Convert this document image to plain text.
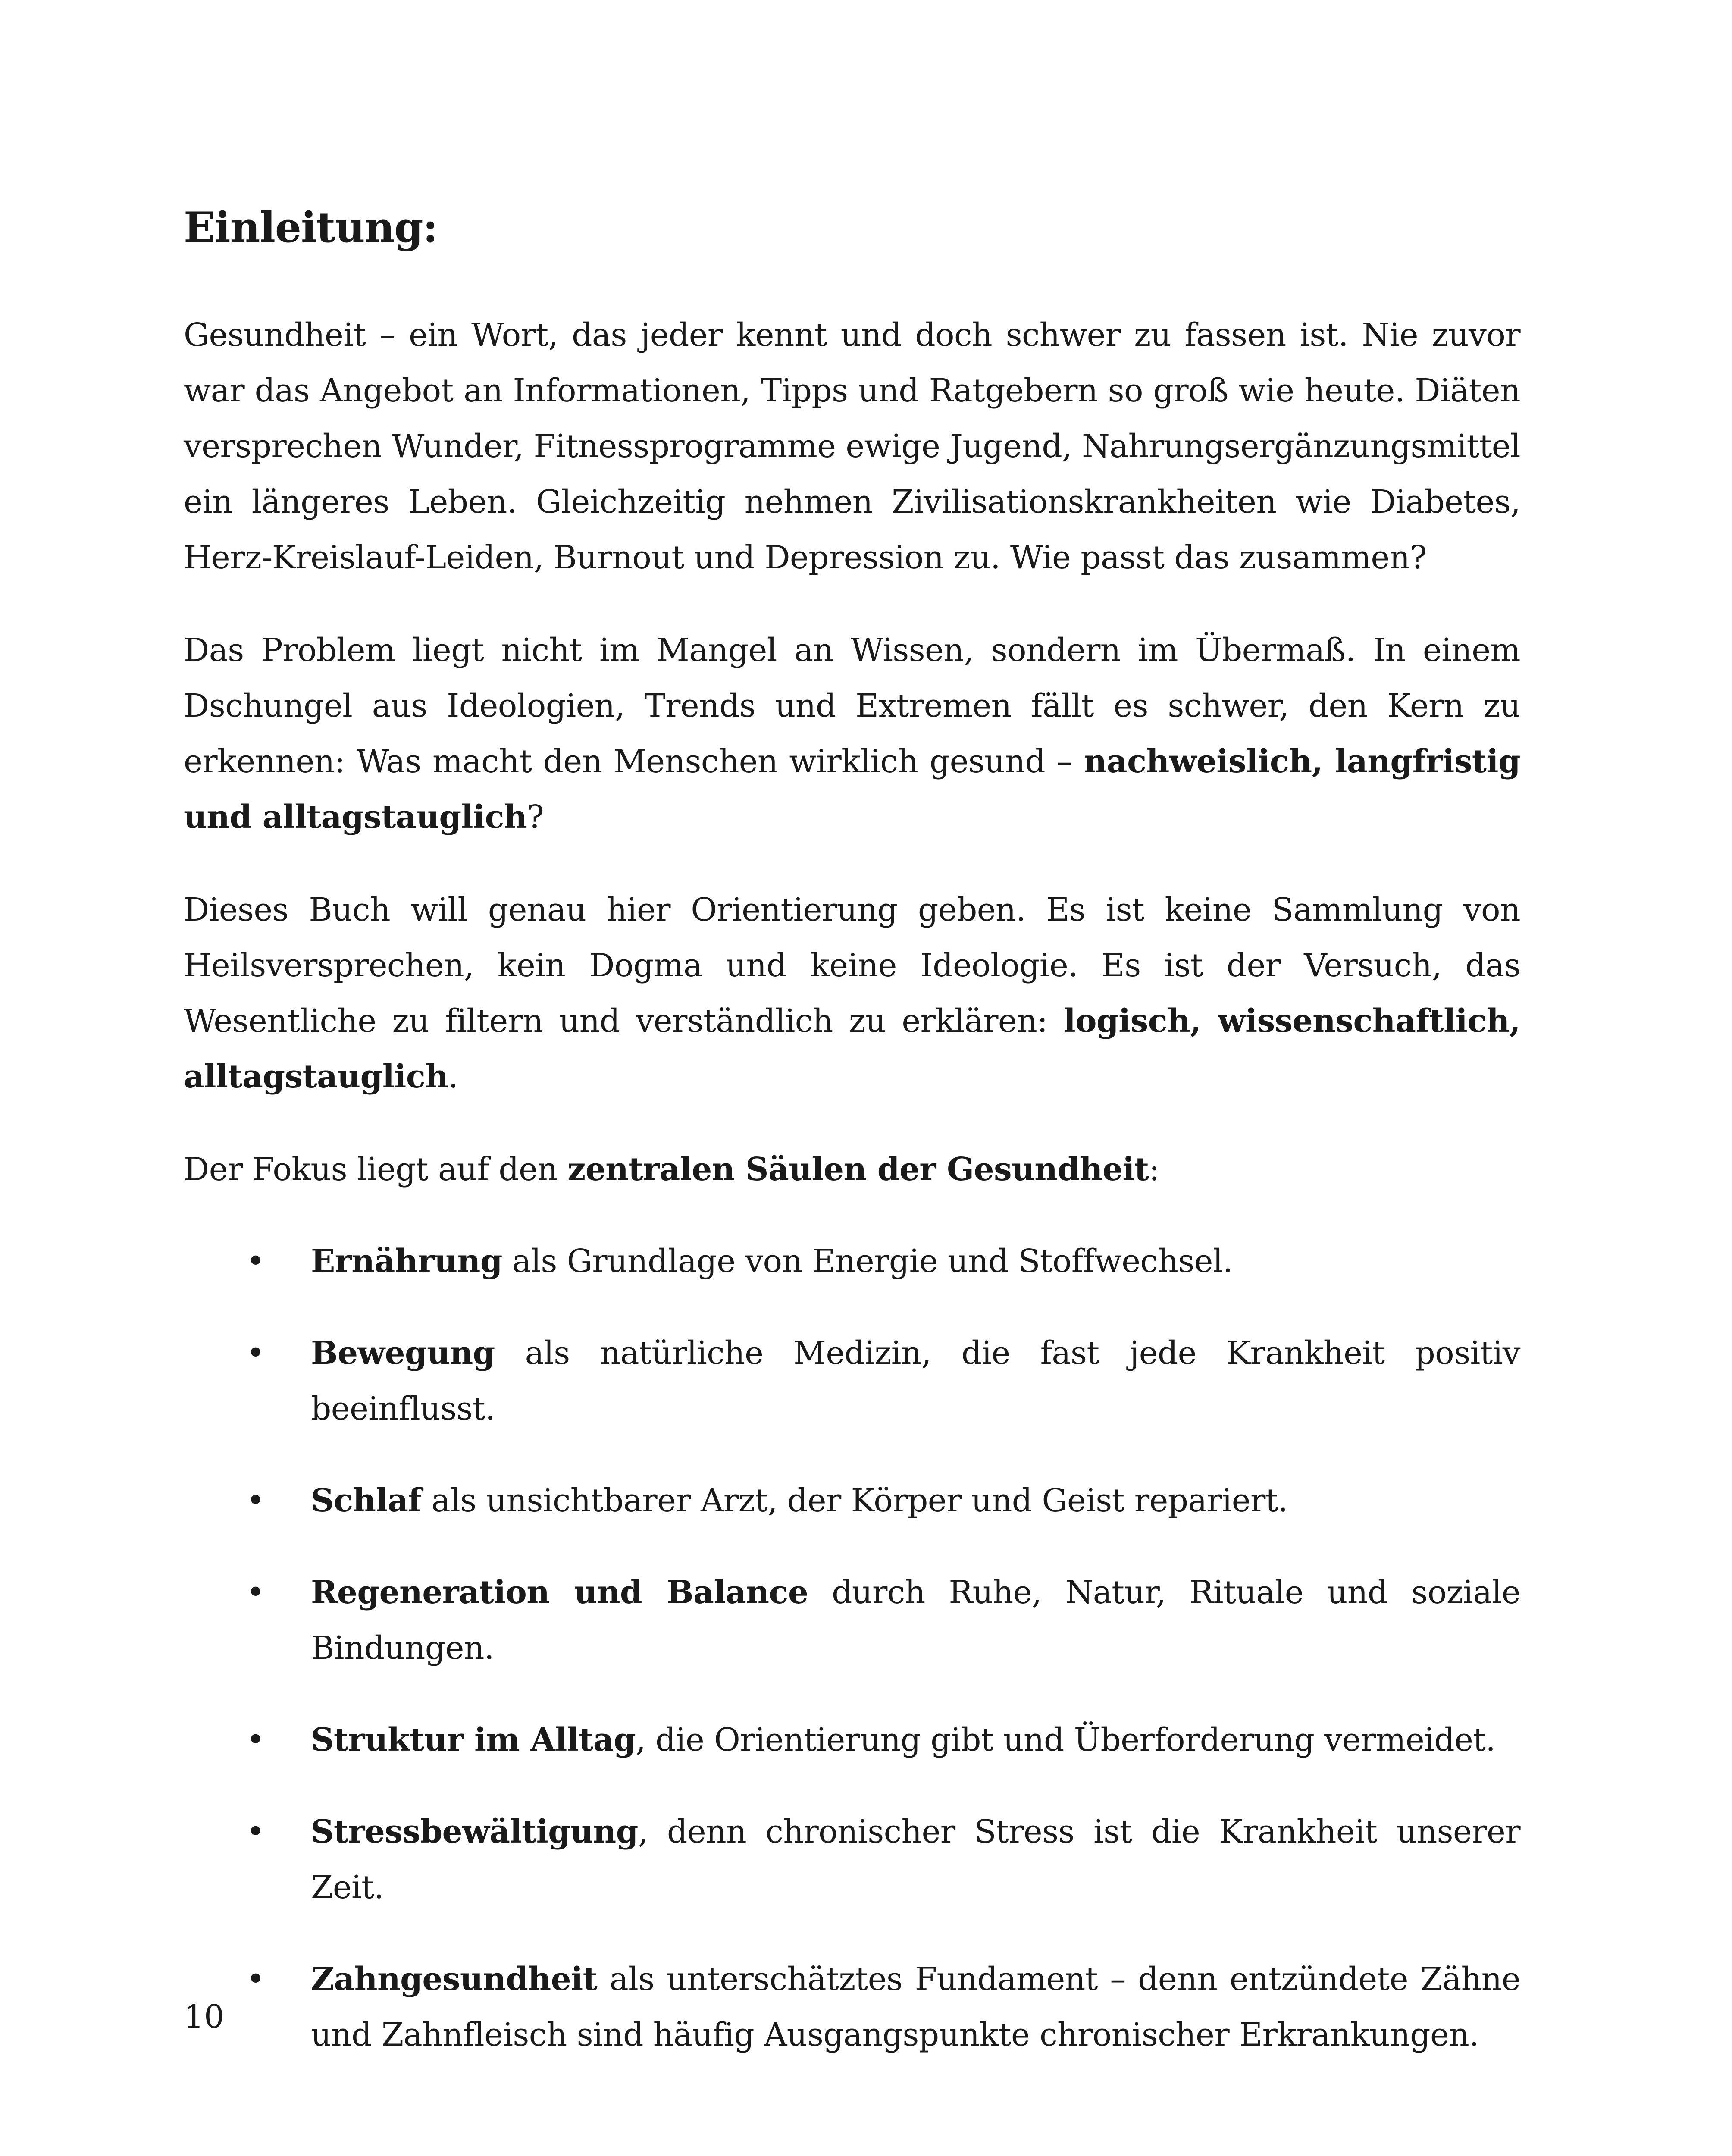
Einleitung:

Gesundheit – ein Wort, das jeder kennt und doch schwer zu fassen ist. Nie zuvor war das Angebot an Informationen, Tipps und Ratgebern so groß wie heute. Diäten versprechen Wunder, Fitnessprogramme ewige Jugend, Nahrungsergänzungsmittel ein längeres Leben. Gleichzeitig nehmen Zivilisationskrankheiten wie Diabetes, Herz-Kreislauf-Leiden, Burnout und Depression zu. Wie passt das zusammen?

Das Problem liegt nicht im Mangel an Wissen, sondern im Übermaß. In einem Dschungel aus Ideologien, Trends und Extremen fällt es schwer, den Kern zu erkennen: Was macht den Menschen wirklich gesund – nachweislich, langfristig und alltagstauglich?

Dieses Buch will genau hier Orientierung geben. Es ist keine Sammlung von Heilsversprechen, kein Dogma und keine Ideologie. Es ist der Versuch, das Wesentliche zu filtern und verständlich zu erklären: logisch, wissenschaftlich, alltagstauglich.

Der Fokus liegt auf den zentralen Säulen der Gesundheit:

• Ernährung als Grundlage von Energie und Stoffwechsel.
• Bewegung als natürliche Medizin, die fast jede Krankheit positiv beeinflusst.
• Schlaf als unsichtbarer Arzt, der Körper und Geist repariert.
• Regeneration und Balance durch Ruhe, Natur, Rituale und soziale Bindungen.
• Struktur im Alltag, die Orientierung gibt und Überforderung vermeidet.
• Stressbewältigung, denn chronischer Stress ist die Krankheit unserer Zeit.
• Zahngesundheit als unterschätztes Fundament – denn entzündete Zähne und Zahnfleisch sind häufig Ausgangspunkte chronischer Erkrankungen.
10
